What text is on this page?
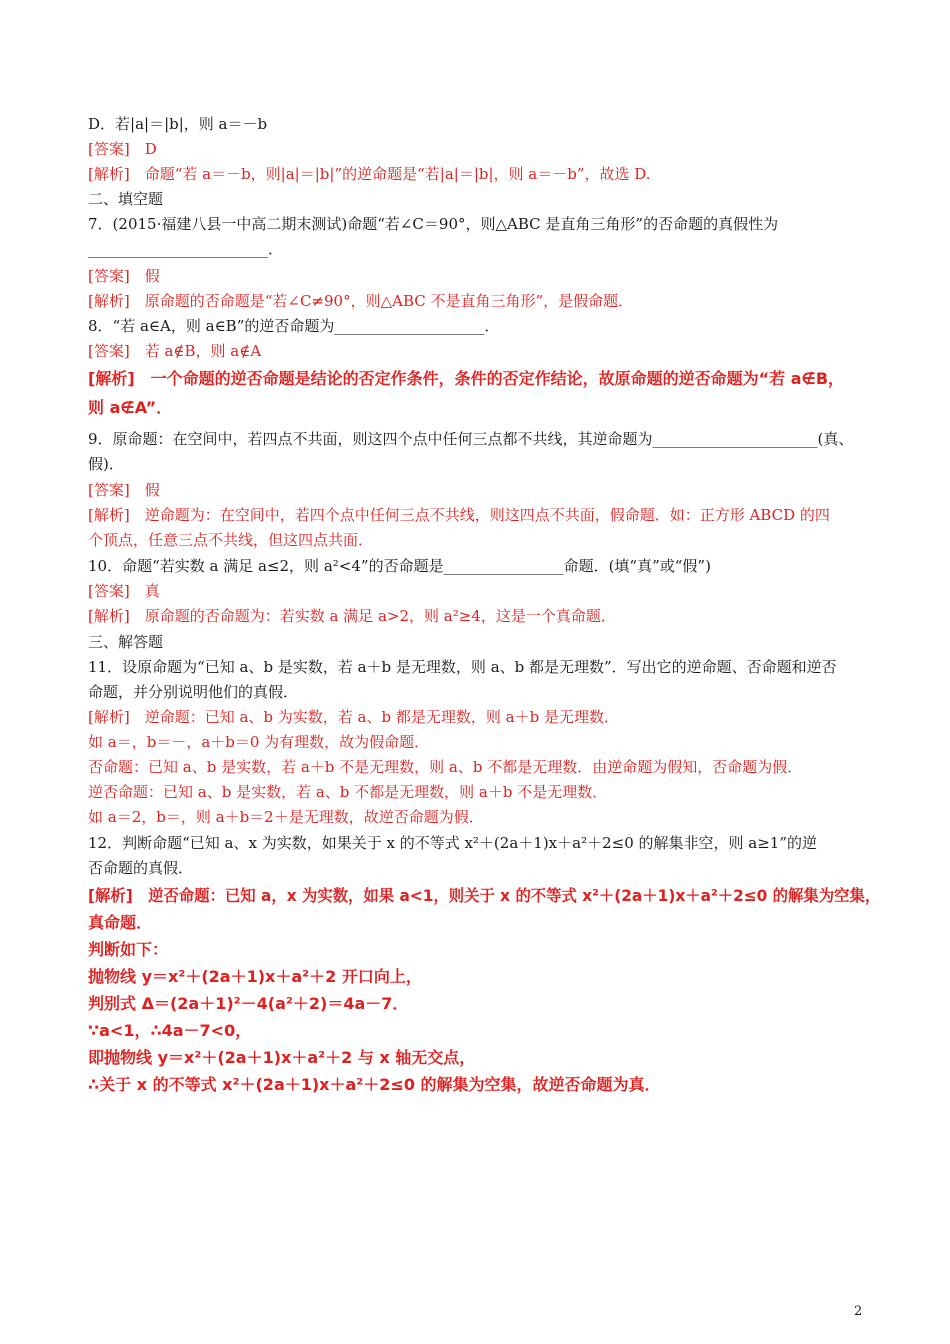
D．若|a|＝|b|，则 a＝－b
[答案]　D
[解析]　命题“若 a＝－b，则|a|＝|b|”的逆命题是“若|a|＝|b|，则 a＝－b”，故选 D.
二、填空题
7．(2015·福建八县一中高二期末测试)命题“若∠C＝90°，则△ABC 是直角三角形”的否命题的真假性为
________________________．
[答案]　假
[解析]　原命题的否命题是“若∠C≠90°，则△ABC 不是直角三角形”，是假命题．
8．“若 a∈A，则 a∈B”的逆否命题为____________________．
[答案]　若 a∉B，则 a∉A
[解析]　一个命题的逆否命题是结论的否定作条件，条件的否定作结论，故原命题的逆否命题为“若 a∉B，
则 a∉A”．
9．原命题：在空间中，若四点不共面，则这四个点中任何三点都不共线，其逆命题为______________________(真、
假)．
[答案]　假
[解析]　逆命题为：在空间中，若四个点中任何三点不共线，则这四点不共面，假命题．如：正方形 ABCD 的四
个顶点，任意三点不共线，但这四点共面．
10．命题“若实数 a 满足 a≤2，则 a²<4”的否命题是________________命题．(填“真”或“假”)
[答案]　真
[解析]　原命题的否命题为：若实数 a 满足 a>2，则 a²≥4，这是一个真命题．
三、解答题
11．设原命题为“已知 a、b 是实数，若 a＋b 是无理数，则 a、b 都是无理数”．写出它的逆命题、否命题和逆否
命题，并分别说明他们的真假．
[解析]　逆命题：已知 a、b 为实数，若 a、b 都是无理数，则 a＋b 是无理数．
如 a＝，b＝－，a＋b＝0 为有理数，故为假命题．
否命题：已知 a、b 是实数，若 a＋b 不是无理数，则 a、b 不都是无理数．由逆命题为假知，否命题为假．
逆否命题：已知 a、b 是实数，若 a、b 不都是无理数，则 a＋b 不是无理数．
如 a＝2，b＝，则 a＋b＝2＋是无理数，故逆否命题为假．
12．判断命题“已知 a、x 为实数，如果关于 x 的不等式 x²＋(2a＋1)x＋a²＋2≤0 的解集非空，则 a≥1”的逆
否命题的真假．
[解析]　逆否命题：已知 a，x 为实数，如果 a<1，则关于 x 的不等式 x²＋(2a＋1)x＋a²＋2≤0 的解集为空集，
真命题．
判断如下：
抛物线 y＝x²＋(2a＋1)x＋a²＋2 开口向上，
判别式 Δ＝(2a＋1)²－4(a²＋2)＝4a－7．
∵a<1，∴4a－7<0，
即抛物线 y＝x²＋(2a＋1)x＋a²＋2 与 x 轴无交点，
∴关于 x 的不等式 x²＋(2a＋1)x＋a²＋2≤0 的解集为空集，故逆否命题为真．
2
